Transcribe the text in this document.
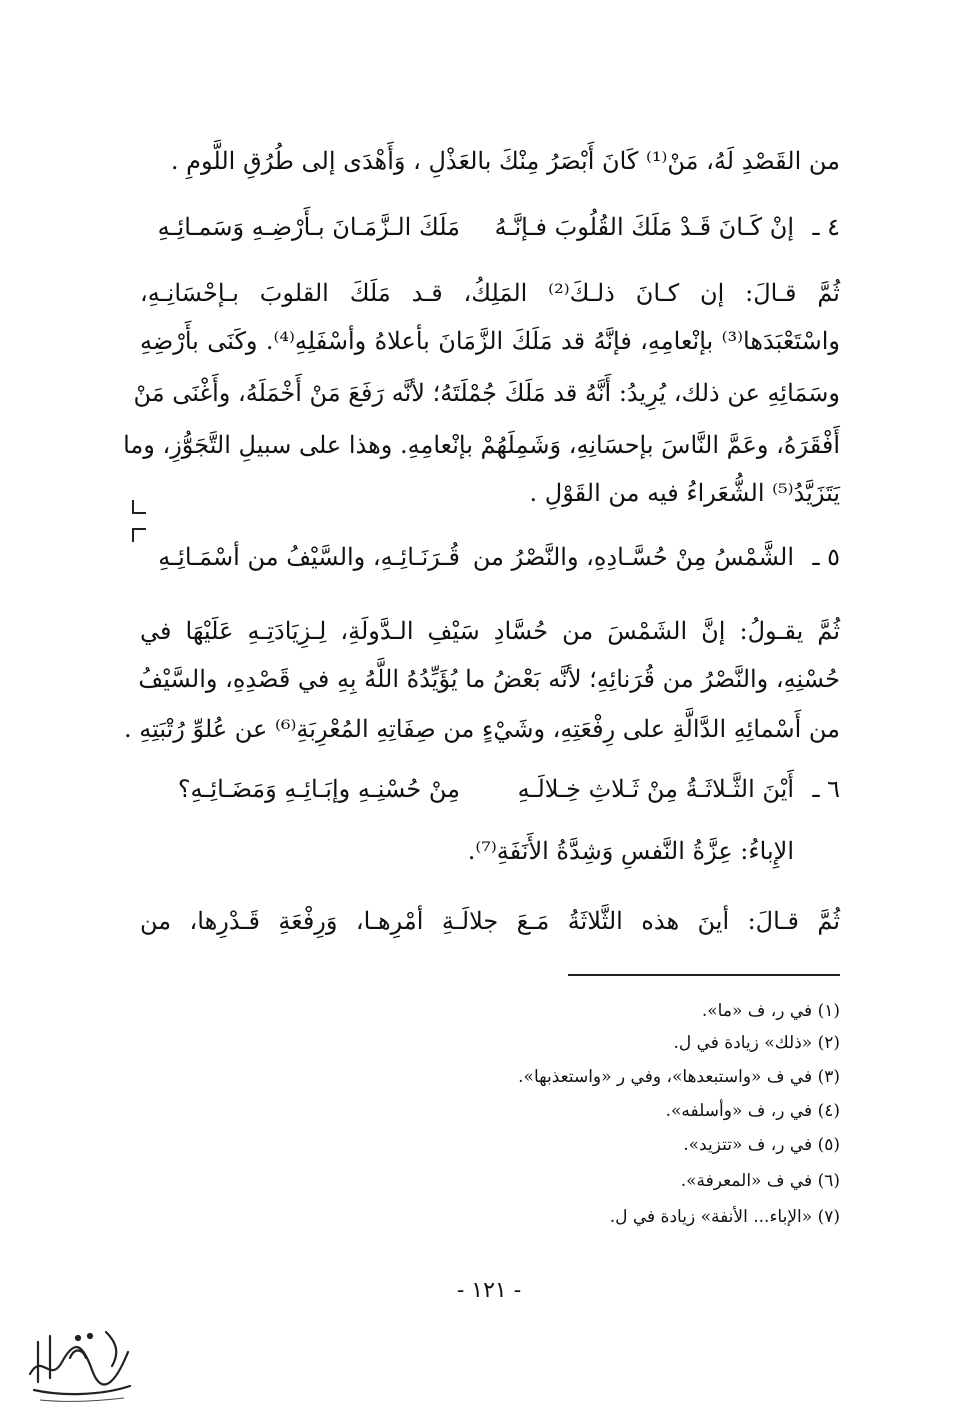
من القَصْدِ لَهُ، مَنْ⁽¹⁾ كَانَ أَبْصَرُ مِنْكَ بالعَذْلِ ، وَأَهْدَى إلى طُرُقِ اللَّومِ .
٤ ـ
إنْ كَـانَ قَـدْ مَلَكَ القُلُوبَ فـإنَّـهُ
مَلَكَ الـزَّمَـانَ بـأَرْضِـهِ وَسَمـائِـهِ
ثُمَّ قـالَ: إن كـانَ ذلـكَ⁽²⁾ المَلِكُ، قـد مَلَكَ القلوبَ بـإحْسَانِـهِ،
واسْتَعْبَدَها⁽³⁾ بإنْعامِهِ، فإنَّهُ قد مَلَكَ الزَّمَانَ بأعلاهُ وأسْفَلِهِ⁽⁴⁾. وكَنَى بأَرْضِهِ
وسَمَائِهِ عن ذلك، يُرِيدُ: أَنَّهُ قد مَلَكَ جُمْلَتَهُ؛ لأنَّه رَفَعَ مَنْ أَخْمَلَهُ، وأَغْنَى مَنْ
أَفْقَرَهُ، وعَمَّ النَّاسَ بإحسَانِهِ، وَشَمِلَهُمْ بإنْعامِهِ. وهذا على سبيلِ التَّجَوُّزِ، وما
يَتَزَيَّدُ⁽⁵⁾ الشُّعَراءُ فيه من القَوْلِ .
٥ ـ
الشَّمْسُ مِنْ حُسَّـادِهِ، والنَّصْرُ من
قُـرَنَـائِـهِ، والسَّيْفُ من أسْمَـائِـهِ
ثُمَّ يقـولُ: إنَّ الشَمْسَ من حُسَّادِ سَيْفِ الـدَّولَةِ، لِـزِيَادَتِـهِ عَلَيْهَا في
حُسْنِهِ، والنَّصْرُ من قُرَنائِهِ؛ لأنَّه بَعْضُ ما يُؤَيِّدُهُ اللَّهُ بِهِ في قَصْدِهِ، والسَّيْفُ
من أَسْمائِهِ الدَّالَّةِ على رِفْعَتِهِ، وشَيْءٍ من صِفَاتِهِ المُعْرِبَةِ⁽⁶⁾ عن عُلوِّ رُتْبَتِهِ .
٦ ـ
أَيْنَ الثَّـلاثَـةُ مِنْ ثَـلاثِ خِـلالَـهِ
مِنْ حُسْنِـهِ وإبَـائِـهِ وَمَضَـائِـهِ؟
الإِباءُ: عِزَّةُ النَّفسِ وَشِدَّةُ الأَنَفَةِ⁽⁷⁾.
ثُمَّ قـالَ: أينَ هذه الثَّلاثَةُ مَـعَ جلالَـةِ أمْرِهـا، وَرِفْعَةِ قَـدْرِها، من
(١) في ر، ف «ما».
(٢) «ذلك» زيادة في ل.
(٣) في ف «واستبعدها»، وفي ر «واستعذبها».
(٤) في ر، ف «وأسلفه».
(٥) في ر، ف «تتزيد».
(٦) في ف «المعرفة».
(٧) «الإباء... الأنفة» زيادة في ل.
- ١٢١ -
